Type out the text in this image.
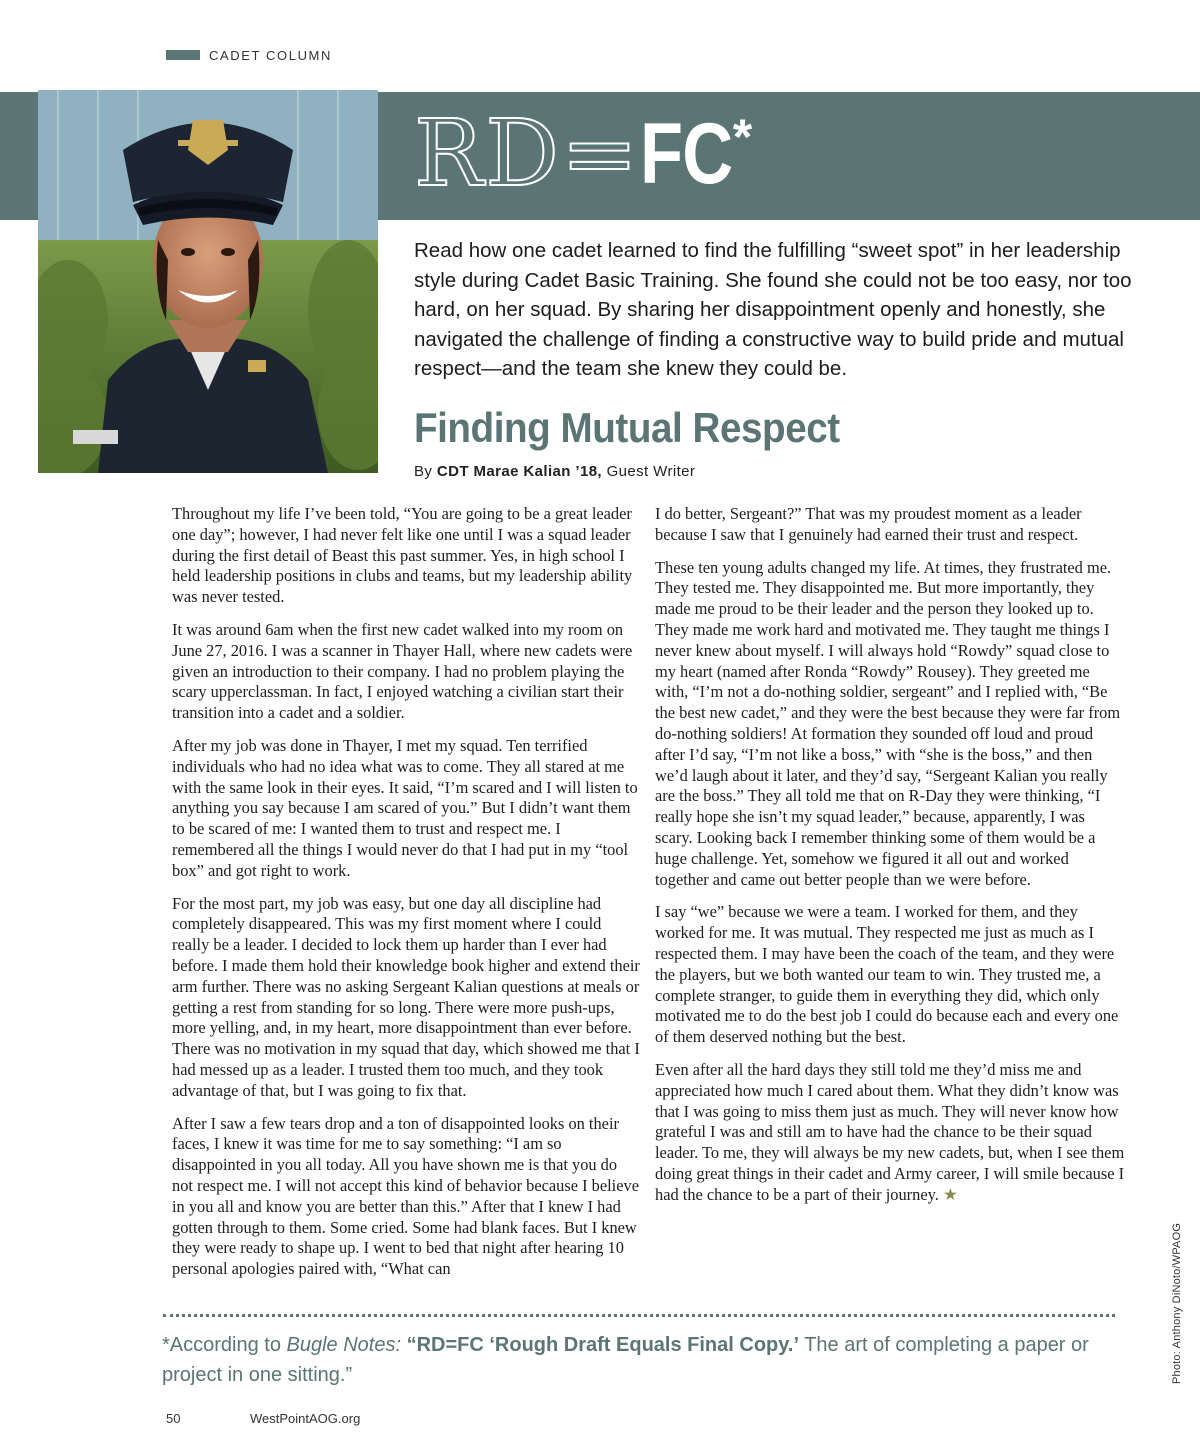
CADET COLUMN
RD= FC *

Read how one cadet learned to find the fulfilling “sweet spot” in her leadership style during Cadet Basic Training. She found she could not be too easy, nor too hard, on her squad. By sharing her disappointment openly and honestly, she navigated the challenge of finding a constructive way to build pride and mutual respect—and the team she knew they could be.

Finding Mutual Respect
By CDT Marae Kalian ’18, Guest Writer

Throughout my life I’ve been told, “You are going to be a great leader one day”; however, I had never felt like one until I was a squad leader during the first detail of Beast this past summer. Yes, in high school I held leadership positions in clubs and teams, but my leadership ability was never tested.

It was around 6am when the first new cadet walked into my room on June 27, 2016. I was a scanner in Thayer Hall, where new cadets were given an introduction to their company. I had no problem playing the scary upperclassman. In fact, I enjoyed watching a civilian start their transition into a cadet and a soldier.

After my job was done in Thayer, I met my squad. Ten terrified individuals who had no idea what was to come. They all stared at me with the same look in their eyes. It said, “I’m scared and I will listen to anything you say because I am scared of you.” But I didn’t want them to be scared of me: I wanted them to trust and respect me. I remembered all the things I would never do that I had put in my “tool box” and got right to work.

For the most part, my job was easy, but one day all discipline had completely disappeared. This was my first moment where I could really be a leader. I decided to lock them up harder than I ever had before. I made them hold their knowledge book higher and extend their arm further. There was no asking Sergeant Kalian questions at meals or getting a rest from standing for so long. There were more push-ups, more yelling, and, in my heart, more disappointment than ever before. There was no motivation in my squad that day, which showed me that I had messed up as a leader. I trusted them too much, and they took advantage of that, but I was going to fix that.

After I saw a few tears drop and a ton of disappointed looks on their faces, I knew it was time for me to say something: “I am so disappointed in you all today. All you have shown me is that you do not respect me. I will not accept this kind of behavior because I believe in you all and know you are better than this.” After that I knew I had gotten through to them. Some cried. Some had blank faces. But I knew they were ready to shape up. I went to bed that night after hearing 10 personal apologies paired with, “What can

I do better, Sergeant?” That was my proudest moment as a leader because I saw that I genuinely had earned their trust and respect.

These ten young adults changed my life. At times, they frustrated me. They tested me. They disappointed me. But more importantly, they made me proud to be their leader and the person they looked up to. They made me work hard and motivated me. They taught me things I never knew about myself. I will always hold “Rowdy” squad close to my heart (named after Ronda “Rowdy” Rousey). They greeted me with, “I’m not a do-nothing soldier, sergeant” and I replied with, “Be the best new cadet,” and they were the best because they were far from do-nothing soldiers! At formation they sounded off loud and proud after I’d say, “I’m not like a boss,” with “she is the boss,” and then we’d laugh about it later, and they’d say, “Sergeant Kalian you really are the boss.” They all told me that on R-Day they were thinking, “I really hope she isn’t my squad leader,” because, apparently, I was scary. Looking back I remember thinking some of them would be a huge challenge. Yet, somehow we figured it all out and worked together and came out better people than we were before.

I say “we” because we were a team. I worked for them, and they worked for me. It was mutual. They respected me just as much as I respected them. I may have been the coach of the team, and they were the players, but we both wanted our team to win. They trusted me, a complete stranger, to guide them in everything they did, which only motivated me to do the best job I could do because each and every one of them deserved nothing but the best.

Even after all the hard days they still told me they’d miss me and appreciated how much I cared about them. What they didn’t know was that I was going to miss them just as much. They will never know how grateful I was and still am to have had the chance to be their squad leader. To me, they will always be my new cadets, but, when I see them doing great things in their cadet and Army career, I will smile because I had the chance to be a part of their journey. ★

*According to Bugle Notes: “RD=FC ‘Rough Draft Equals Final Copy.’ The art of completing a paper or project in one sitting.”	Photo: Anthony DiNoto/WPAOG
50	WestPointAOG.org
